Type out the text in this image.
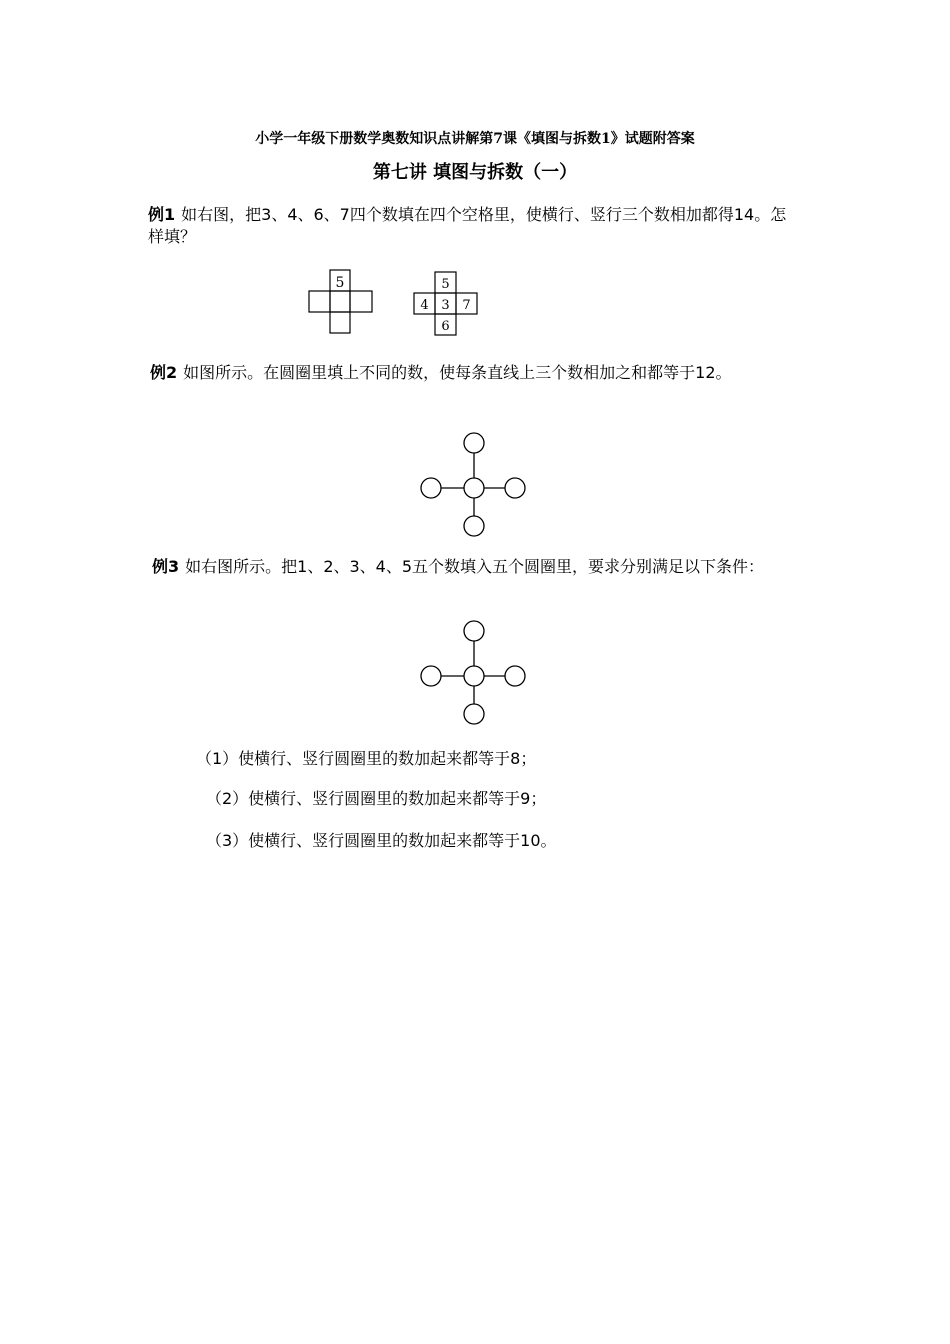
小学一年级下册数学奥数知识点讲解第7课《填图与拆数1》试题附答案
第七讲 填图与拆数（一）
例1 如右图，把3、4、6、7四个数填在四个空格里，使横行、竖行三个数相加都得14。怎样填？
5	5
4 3 7
6
例2 如图所示。在圆圈里填上不同的数，使每条直线上三个数相加之和都等于12。
例3 如右图所示。把1、2、3、4、5五个数填入五个圆圈里，要求分别满足以下条件：
（1）使横行、竖行圆圈里的数加起来都等于8；
（2）使横行、竖行圆圈里的数加起来都等于9；
（3）使横行、竖行圆圈里的数加起来都等于10。
